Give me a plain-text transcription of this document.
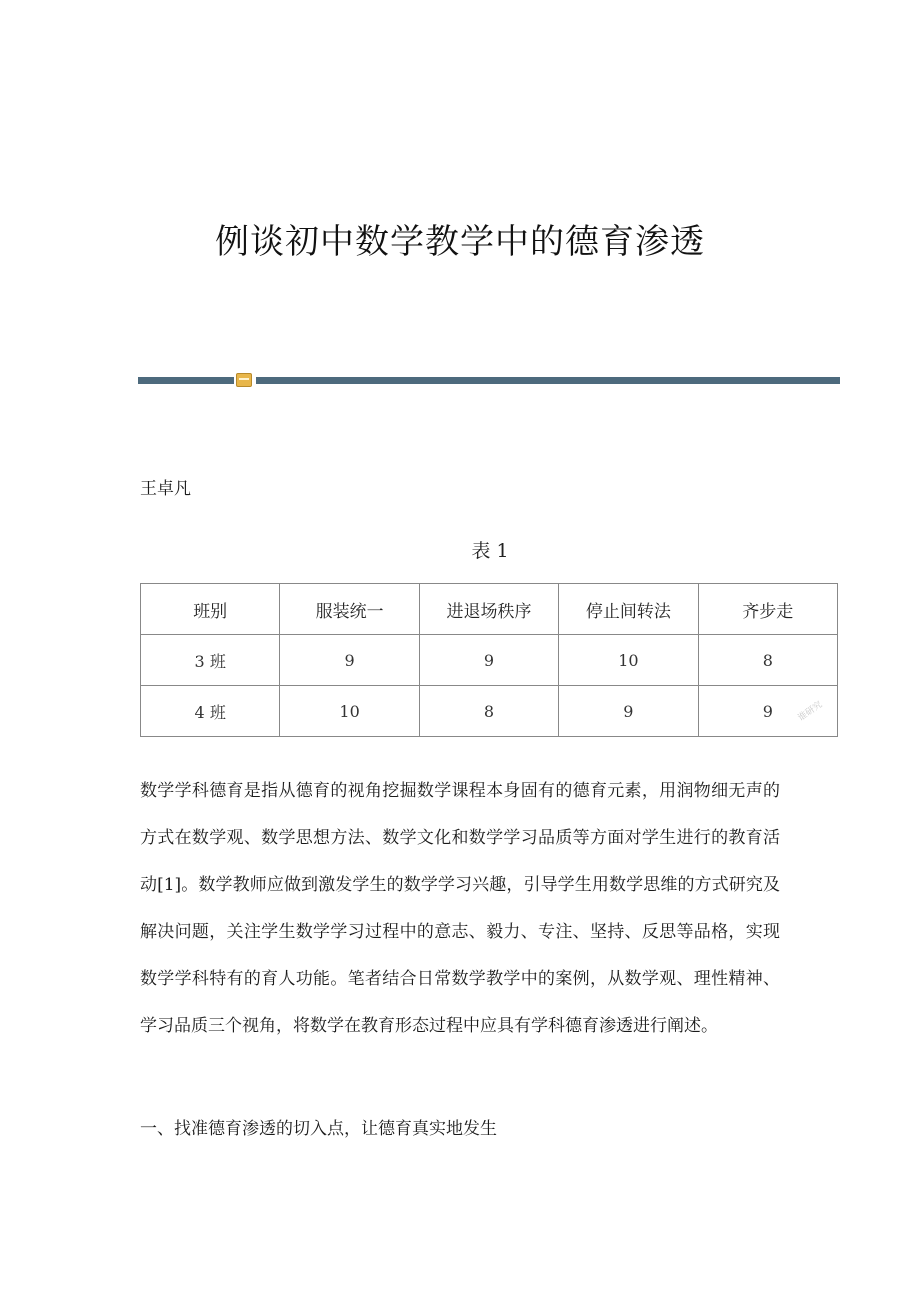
例谈初中数学教学中的德育渗透
王卓凡
表 1
班别	服装统一	进退场秩序	停止间转法	齐步走
3 班	9	9	10	8
4 班	10	8	9	9	谁研究

数学学科德育是指从德育的视角挖掘数学课程本身固有的德育元素，用润物细无声的方式在数学观、数学思想方法、数学文化和数学学习品质等方面对学生进行的教育活动[1]。数学教师应做到激发学生的数学学习兴趣，引导学生用数学思维的方式研究及解决问题，关注学生数学学习过程中的意志、毅力、专注、坚持、反思等品格，实现数学学科特有的育人功能。笔者结合日常数学教学中的案例，从数学观、理性精神、学习品质三个视角，将数学在教育形态过程中应具有学科德育渗透进行阐述。

一、找准德育渗透的切入点，让德育真实地发生
